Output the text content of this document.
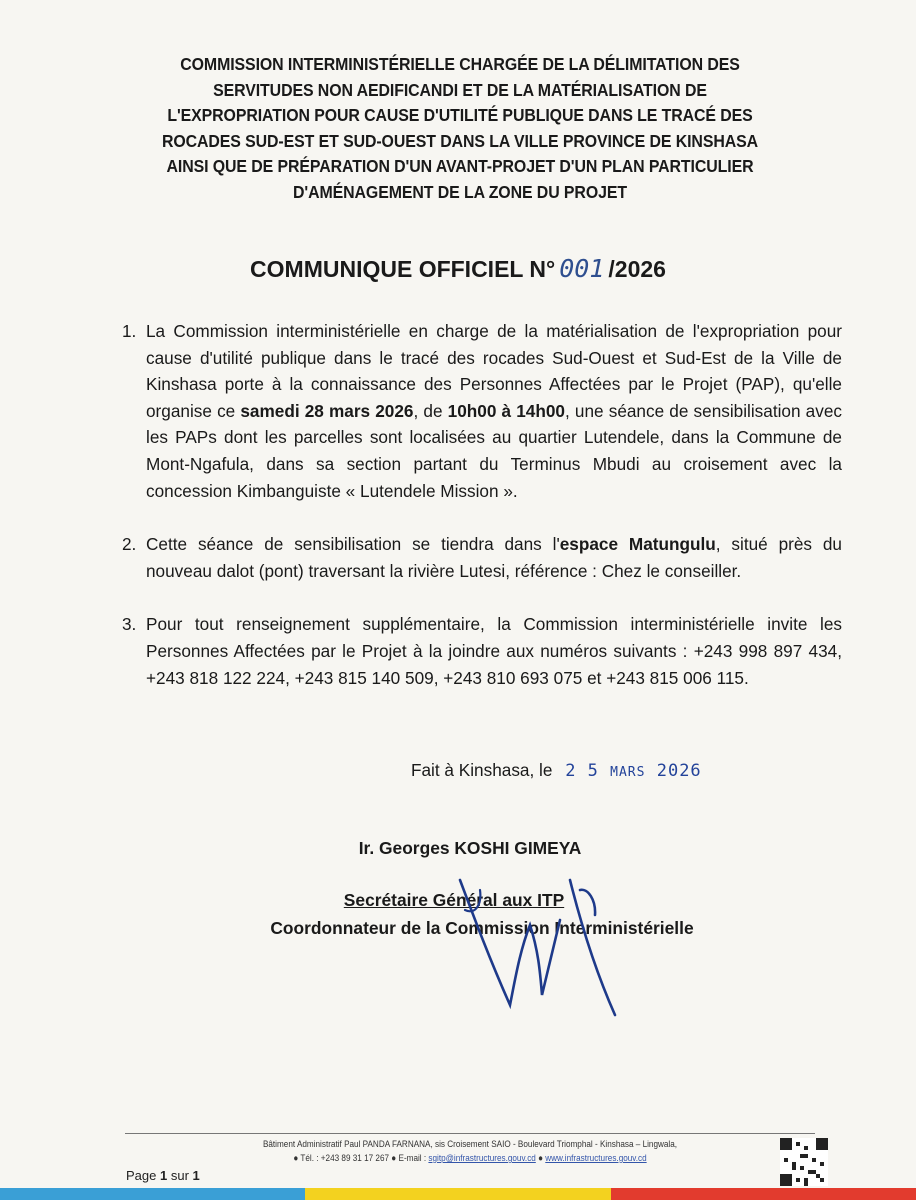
COMMISSION INTERMINISTÉRIELLE CHARGÉE DE LA DÉLIMITATION DES
SERVITUDES NON AEDIFICANDI ET DE LA MATÉRIALISATION DE
L'EXPROPRIATION POUR CAUSE D'UTILITÉ PUBLIQUE DANS LE TRACÉ DES
ROCADES SUD-EST ET SUD-OUEST DANS LA VILLE PROVINCE DE KINSHASA
AINSI QUE DE PRÉPARATION D'UN AVANT-PROJET D'UN PLAN PARTICULIER
D'AMÉNAGEMENT DE LA ZONE DU PROJET
COMMUNIQUE OFFICIEL N° 001 /2026
1. La Commission interministérielle en charge de la matérialisation de l'expropriation pour cause d'utilité publique dans le tracé des rocades Sud-Ouest et Sud-Est de la Ville de Kinshasa porte à la connaissance des Personnes Affectées par le Projet (PAP), qu'elle organise ce samedi 28 mars 2026, de 10h00 à 14h00, une séance de sensibilisation avec les PAPs dont les parcelles sont localisées au quartier Lutendele, dans la Commune de Mont-Ngafula, dans sa section partant du Terminus Mbudi au croisement avec la concession Kimbanguiste « Lutendele Mission ».
2. Cette séance de sensibilisation se tiendra dans l'espace Matungulu, situé près du nouveau dalot (pont) traversant la rivière Lutesi, référence : Chez le conseiller.
3. Pour tout renseignement supplémentaire, la Commission interministérielle invite les Personnes Affectées par le Projet à la joindre aux numéros suivants : +243 998 897 434, +243 818 122 224, +243 815 140 509, +243 810 693 075 et +243 815 006 115.
Fait à Kinshasa, le 2 5 MARS 2026
Ir. Georges KOSHI GIMEYA
Secrétaire Général aux ITP
Coordonnateur de la Commission Interministérielle
Bâtiment Administratif Paul PANDA FARNANA, sis Croisement SAIO - Boulevard Triomphal - Kinshasa – Lingwala,
● Tél. : +243 89 31 17 267 ● E-mail : sgitp@infrastructures.gouv.cd ● www.infrastructures.gouv.cd
Page 1 sur 1
